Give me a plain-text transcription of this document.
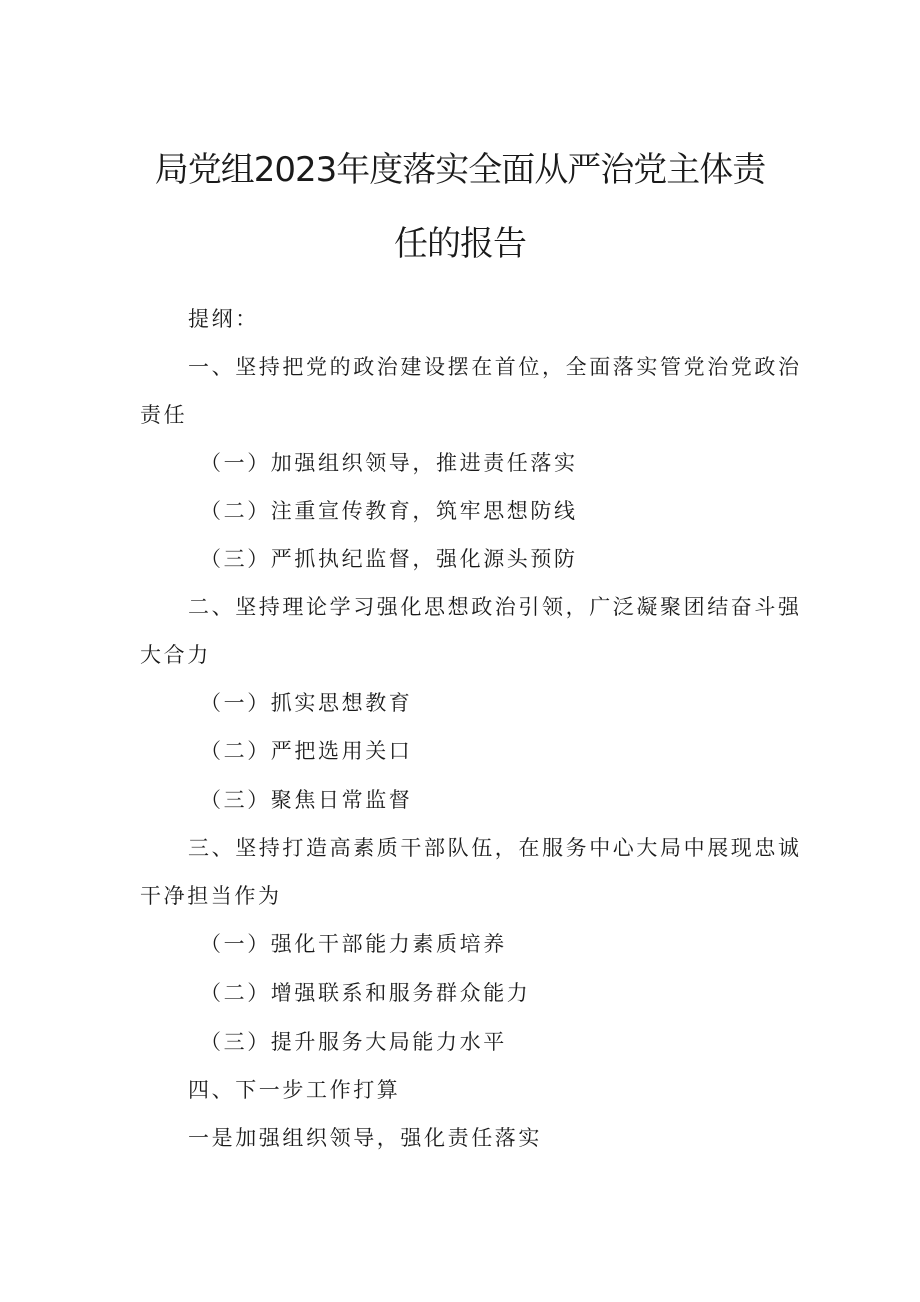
局党组2023年度落实全面从严治党主体责
任的报告

提纲：

一、坚持把党的政治建设摆在首位，全面落实管党治党政治

责任

（一）加强组织领导，推进责任落实

（二）注重宣传教育，筑牢思想防线

（三）严抓执纪监督，强化源头预防

二、坚持理论学习强化思想政治引领，广泛凝聚团结奋斗强

大合力

（一）抓实思想教育

（二）严把选用关口

（三）聚焦日常监督

三、坚持打造高素质干部队伍，在服务中心大局中展现忠诚

干净担当作为

（一）强化干部能力素质培养

（二）增强联系和服务群众能力

（三）提升服务大局能力水平

四、下一步工作打算

一是加强组织领导，强化责任落实
